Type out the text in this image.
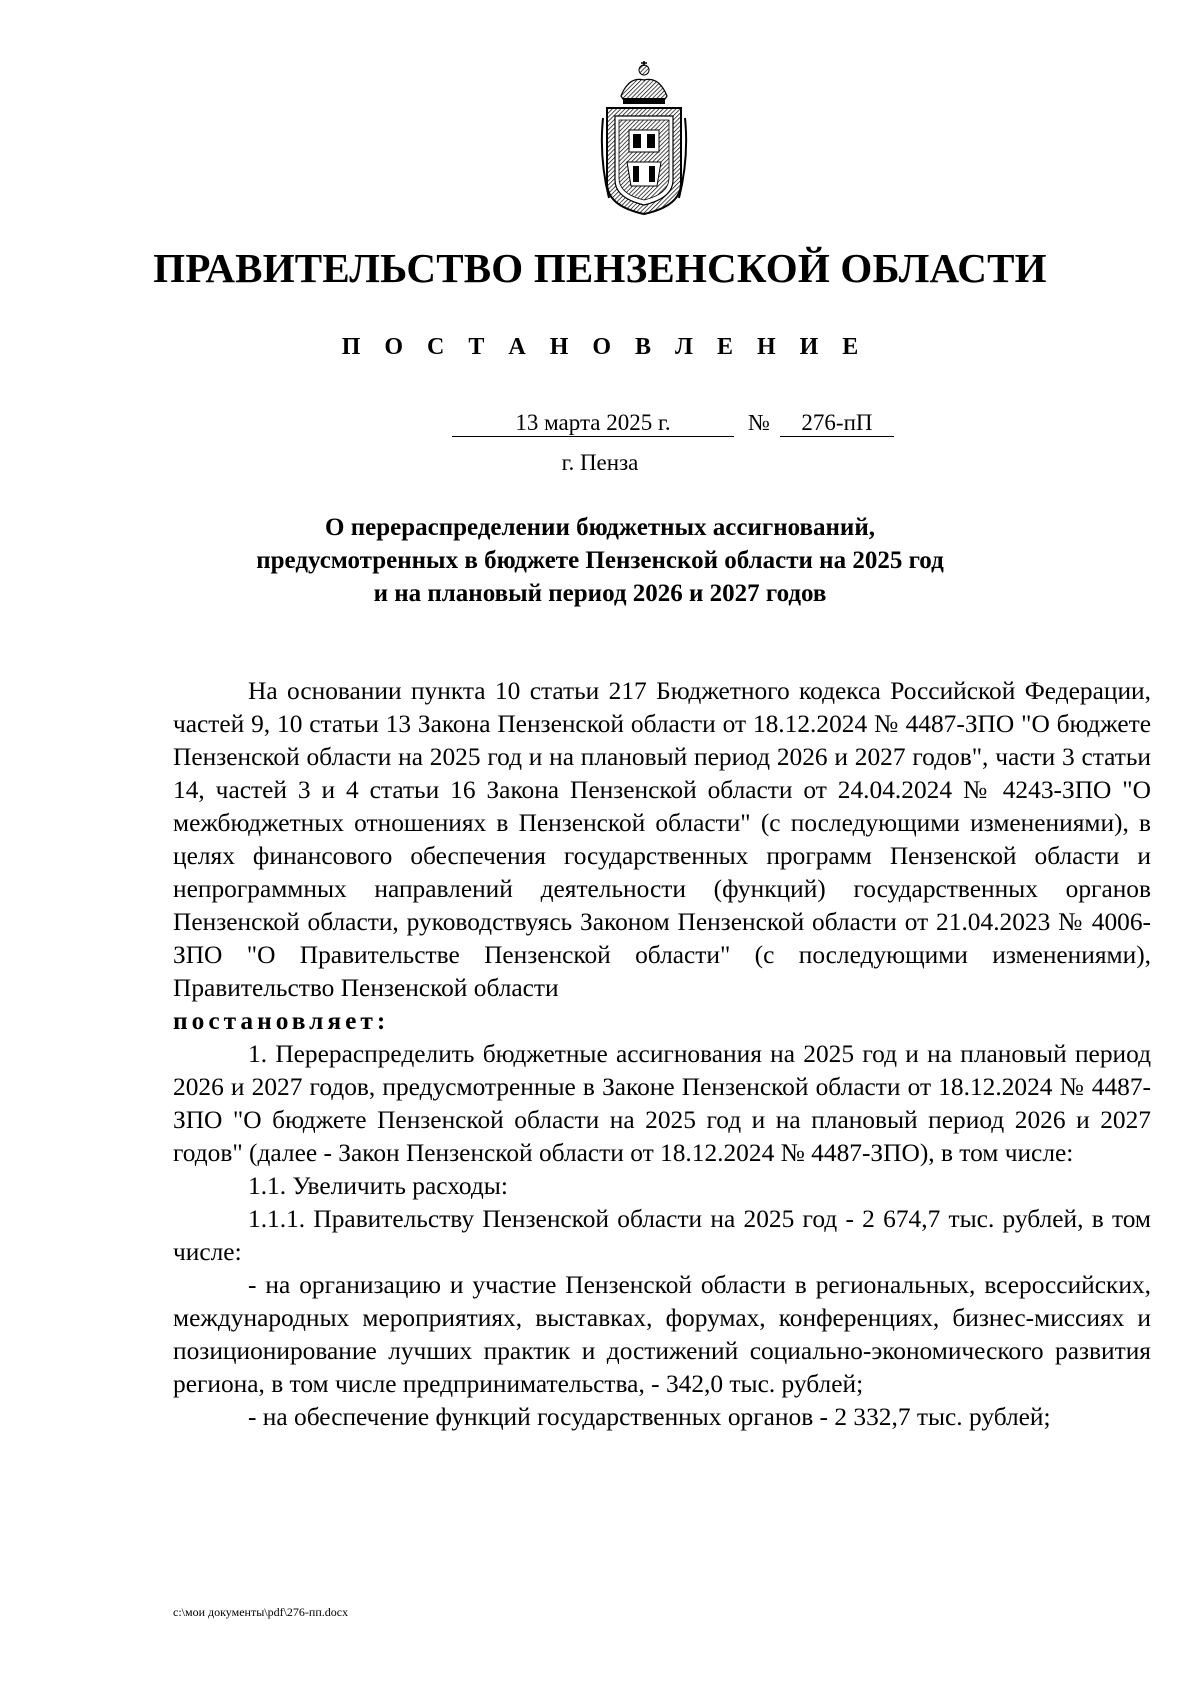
ПРАВИТЕЛЬСТВО ПЕНЗЕНСКОЙ ОБЛАСТИ
П О С Т А Н О В Л Е Н И Е
13 марта 2025 г.	№ 276-пП
г. Пенза
О перераспределении бюджетных ассигнований,
предусмотренных в бюджете Пензенской области на 2025 год
и на плановый период 2026 и 2027 годов

На основании пункта 10 статьи 217 Бюджетного кодекса Российской Федерации, частей 9, 10 статьи 13 Закона Пензенской области от 18.12.2024 № 4487-ЗПО "О бюджете Пензенской области на 2025 год и на плановый период 2026 и 2027 годов", части 3 статьи 14, частей 3 и 4 статьи 16 Закона Пензенской области от 24.04.2024 № 4243-ЗПО "О межбюджетных отношениях в Пензенской области" (с последующими изменениями), в целях финансового обеспечения государственных программ Пензенской области и непрограммных направлений деятельности (функций) государственных органов Пензенской области, руководствуясь Законом Пензенской области от 21.04.2023 № 4006-ЗПО "О Правительстве Пензенской области" (с последующими изменениями), Правительство Пензенской области

постановляет:

1. Перераспределить бюджетные ассигнования на 2025 год и на плановый период 2026 и 2027 годов, предусмотренные в Законе Пензенской области от 18.12.2024 № 4487-ЗПО "О бюджете Пензенской области на 2025 год и на плановый период 2026 и 2027 годов" (далее - Закон Пензенской области от 18.12.2024 № 4487-ЗПО), в том числе:

1.1. Увеличить расходы:

1.1.1. Правительству Пензенской области на 2025 год - 2 674,7 тыс. рублей, в том числе:

- на организацию и участие Пензенской области в региональных, всероссийских, международных мероприятиях, выставках, форумах, конференциях, бизнес-миссиях и позиционирование лучших практик и достижений социально-экономического развития региона, в том числе предпринимательства, - 342,0 тыс. рублей;

- на обеспечение функций государственных органов - 2 332,7 тыс. рублей;

c:\мои документы\pdf\276-пп.docx
